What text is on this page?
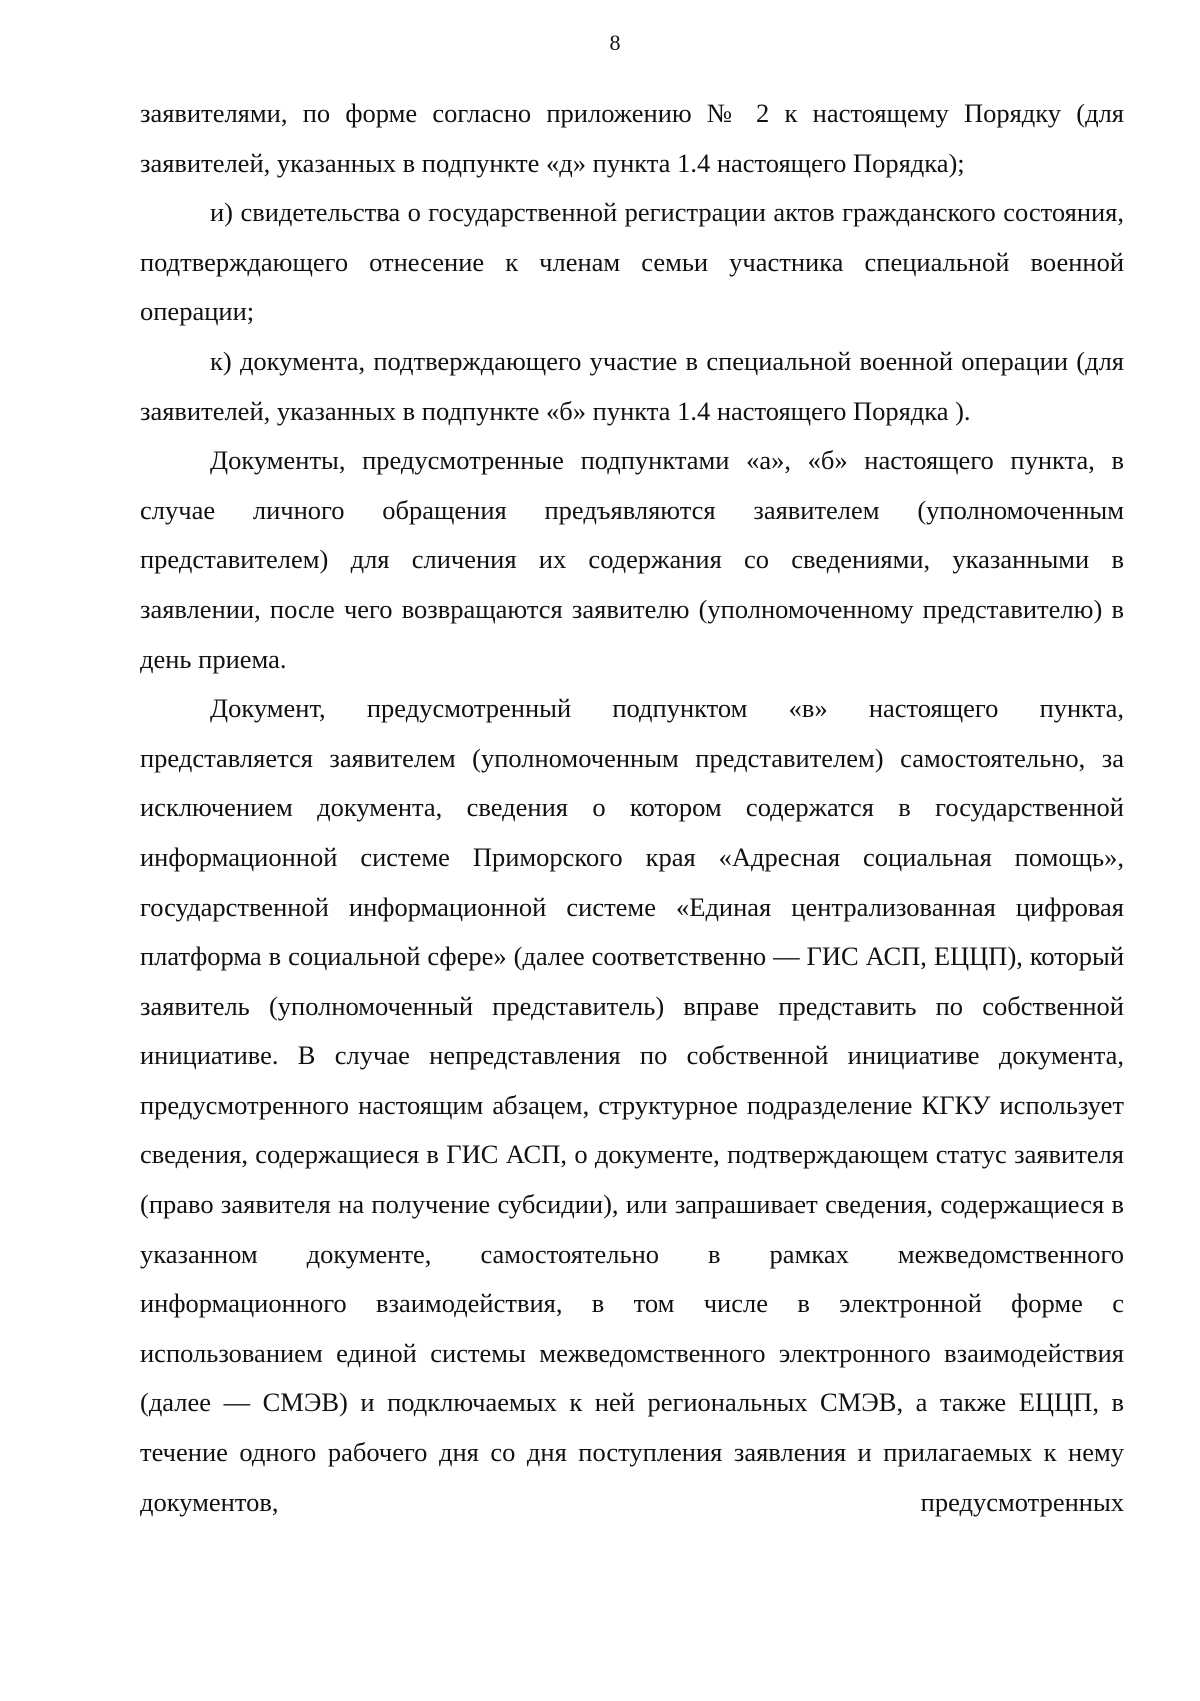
8

заявителями, по форме согласно приложению № 2 к настоящему Порядку (для заявителей, указанных в подпункте «д» пункта 1.4 настоящего Порядка);

и) свидетельства о государственной регистрации актов гражданского состояния, подтверждающего отнесение к членам семьи участника специальной военной операции;

к) документа, подтверждающего участие в специальной военной операции (для заявителей, указанных в подпункте «б» пункта 1.4 настоящего Порядка ).

Документы, предусмотренные подпунктами «а», «б» настоящего пункта, в случае личного обращения предъявляются заявителем (уполномоченным представителем) для сличения их содержания со сведениями, указанными в заявлении, после чего возвращаются заявителю (уполномоченному представителю) в день приема.

Документ, предусмотренный подпунктом «в» настоящего пункта, представляется заявителем (уполномоченным представителем) самостоятельно, за исключением документа, сведения о котором содержатся в государственной информационной системе Приморского края «Адресная социальная помощь», государственной информационной системе «Единая централизованная цифровая платформа в социальной сфере» (далее соответственно — ГИС АСП, ЕЦЦП), который заявитель (уполномоченный представитель) вправе представить по собственной инициативе. В случае непредставления по собственной инициативе документа, предусмотренного настоящим абзацем, структурное подразделение КГКУ использует сведения, содержащиеся в ГИС АСП, о документе, подтверждающем статус заявителя (право заявителя на получение субсидии), или запрашивает сведения, содержащиеся в указанном документе, самостоятельно в рамках межведомственного информационного взаимодействия, в том числе в электронной форме с использованием единой системы межведомственного электронного взаимодействия (далее — СМЭВ) и подключаемых к ней региональных СМЭВ, а также ЕЦЦП, в течение одного рабочего дня со дня поступления заявления и прилагаемых к нему документов, предусмотренных
